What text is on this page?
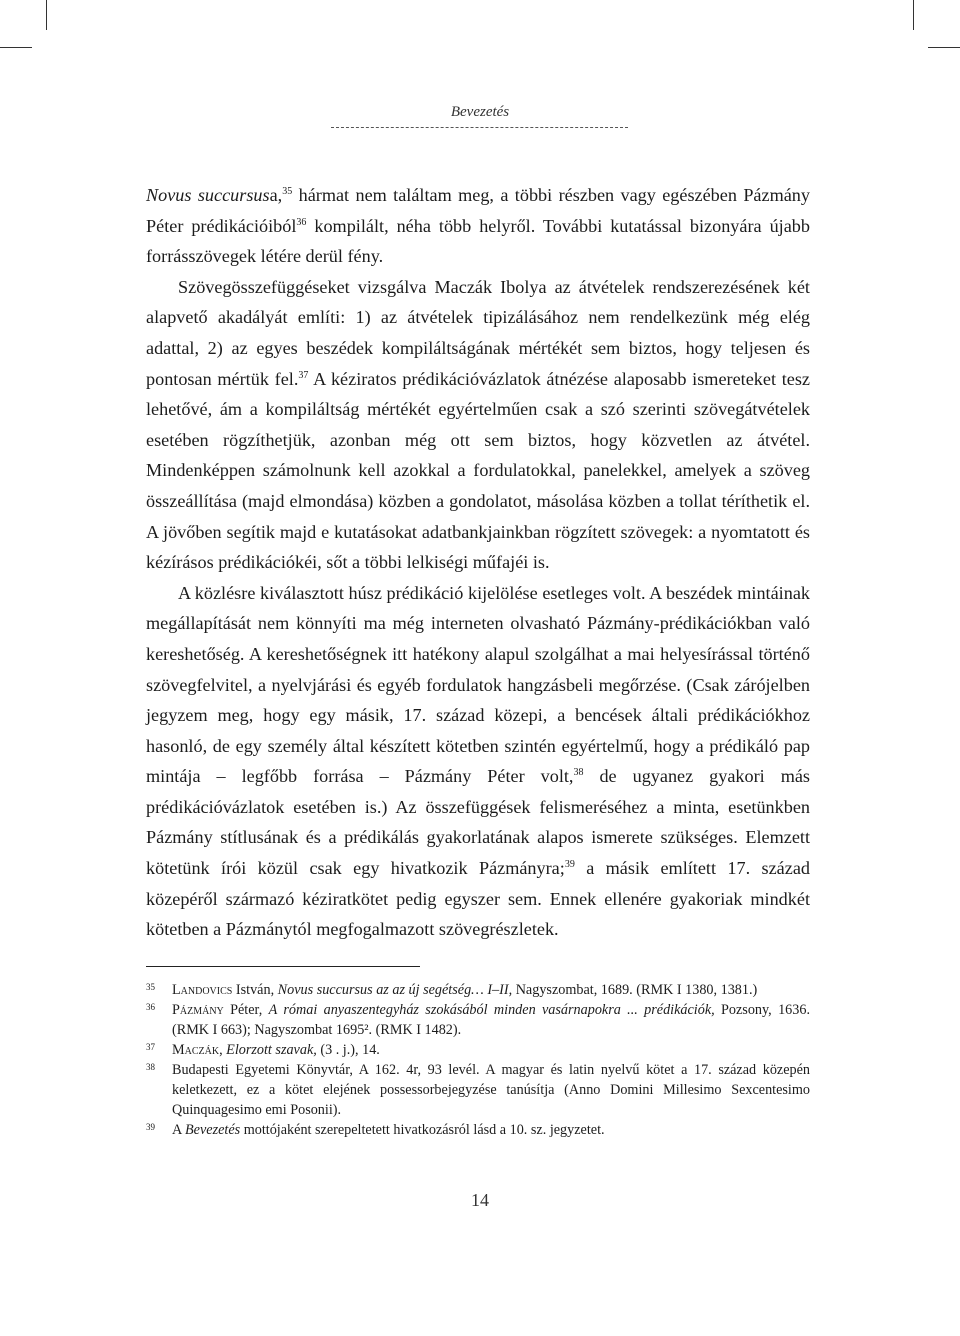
Bevezetés

Novus succursusa,$^{35}$ hármat nem találtam meg, a többi részben vagy egészében Pázmány Péter prédikációiból$^{36}$ kompilált, néha több helyről. További kutatással bizonyára újabb forrásszövegek létére derül fény.

Szövegösszefüggéseket vizsgálva Maczák Ibolya az átvételek rendszerezésének két alapvető akadályát említi: 1) az átvételek tipizálásához nem rendelkezünk még elég adattal, 2) az egyes beszédek kompiláltságának mértékét sem biztos, hogy teljesen és pontosan mértük fel.$^{37}$ A kéziratos prédikációvázlatok átnézése alaposabb ismereteket tesz lehetővé, ám a kompiláltság mértékét egyértelműen csak a szó szerinti szövegátvételek esetében rögzíthetjük, azonban még ott sem biztos, hogy közvetlen az átvétel. Mindenképpen számolnunk kell azokkal a fordulatokkal, panelekkel, amelyek a szöveg összeállítása (majd elmondása) közben a gondolatot, másolása közben a tollat téríthetik el. A jövőben segítik majd e kutatásokat adatbankjainkban rögzített szövegek: a nyomtatott és kézírásos prédikációkéi, sőt a többi lelkiségi műfajéi is.

A közlésre kiválasztott húsz prédikáció kijelölése esetleges volt. A beszédek mintáinak megállapítását nem könnyíti ma még interneten olvasható Pázmány-prédikációkban való kereshetőség. A kereshetőségnek itt hatékony alapul szolgálhat a mai helyesírással történő szövegfelvitel, a nyelvjárási és egyéb fordulatok hangzásbeli megőrzése. (Csak zárójelben jegyzem meg, hogy egy másik, 17. század közepi, a bencések általi prédikációkhoz hasonló, de egy személy által készített kötetben szintén egyértelmű, hogy a prédikáló pap mintája – legfőbb forrása – Pázmány Péter volt,$^{38}$ de ugyanez gyakori más prédikációvázlatok esetében is.) Az összefüggések felismeréséhez a minta, esetünkben Pázmány stítlusának és a prédikálás gyakorlatának alapos ismerete szükséges. Elemzett kötetünk írói közül csak egy hivatkozik Pázmányra;$^{39}$ a másik említett 17. század közepéről származó kéziratkötet pedig egyszer sem. Ennek ellenére gyakoriak mindkét kötetben a Pázmánytól megfogalmazott szövegrészletek.

35 Landovics István, Novus succursus az az új segétség… I–II, Nagyszombat, 1689. (RMK I 1380, 1381.)

36 Pázmány Péter, A római anyaszentegyház szokásából minden vasárnapokra ... prédikációk, Pozsony, 1636. (RMK I 663); Nagyszombat 1695². (RMK I 1482).

37 Maczák, Elorzott szavak, (3 . j.), 14.

38 Budapesti Egyetemi Könyvtár, A 162. 4r, 93 levél. A magyar és latin nyelvű kötet a 17. század közepén keletkezett, ez a kötet elejének possessorbejegyzése tanúsítja (Anno Domini Millesimo Sexcentesimo Quinquagesimo emi Posonii).

39 A Bevezetés mottójaként szerepeltetett hivatkozásról lásd a 10. sz. jegyzetet.

14
